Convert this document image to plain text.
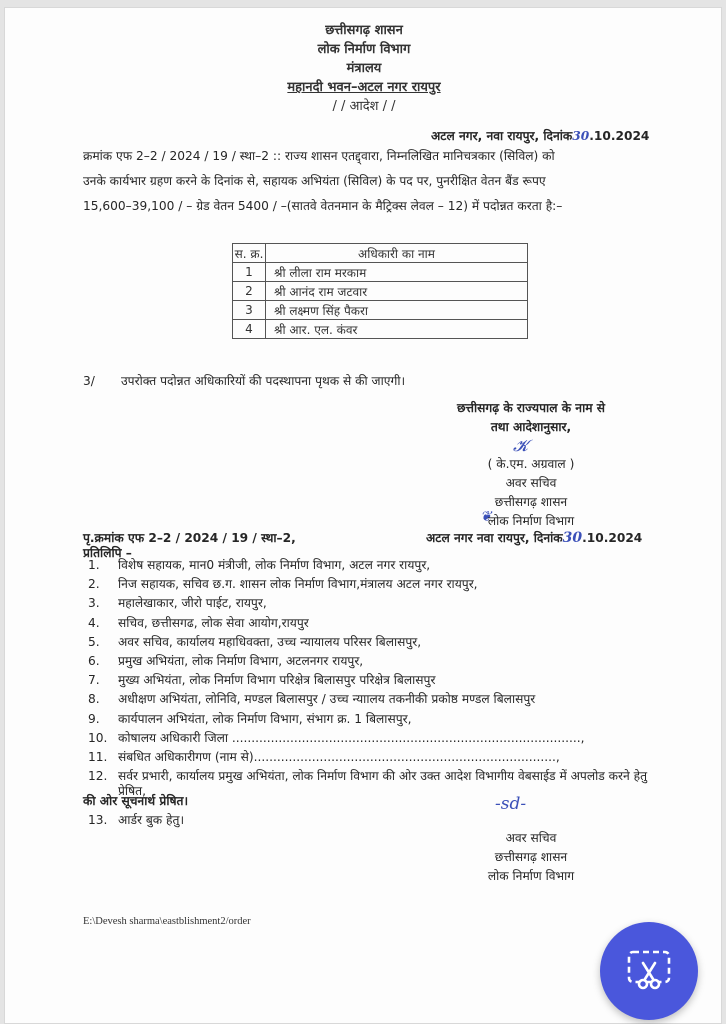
छत्तीसगढ़ शासन
लोक निर्माण विभाग
मंत्रालय
महानदी भवन–अटल नगर रायपुर
/ / आदेश / /
अटल नगर, नवा रायपुर, दिनांक30.10.2024
क्रमांक एफ 2–2 / 2024 / 19 / स्था–2 :: राज्य शासन एतद्द्वारा, निम्नलिखित मानिचत्रकार (सिविल) को
उनके कार्यभार ग्रहण करने के दिनांक से, सहायक अभियंता (सिविल) के पद पर, पुनरीक्षित वेतन बैंड रूपए
15,600–39,100 / – ग्रेड वेतन 5400 / –(सातवे वेतनमान के मैट्रिक्स लेवल – 12) में पदोन्नत करता है:–
स. क्र.	अधिकारी का नाम
1	श्री लीला राम मरकाम
2	श्री आनंद राम जटवार
3	श्री लक्ष्मण सिंह पैकरा
4	श्री आर. एल. कंवर
3/ उपरोक्त पदोन्नत अधिकारियों की पदस्थापना पृथक से की जाएगी।
छत्तीसगढ़ के राज्यपाल के नाम से
तथा आदेशानुसार,
𝓚
( के.एम. अग्रवाल )
अवर सचिव
छत्तीसगढ़ शासन
❦
लोक निर्माण विभाग
पृ.क्रमांक एफ 2–2 / 2024 / 19 / स्था–2,	अटल नगर नवा रायपुर, दिनांक30.10.2024
प्रतिलिपि –
1.	विशेष सहायक, मान0 मंत्रीजी, लोक निर्माण विभाग, अटल नगर रायपुर,
2.	निज सहायक, सचिव छ.ग. शासन लोक निर्माण विभाग,मंत्रालय अटल नगर रायपुर,
3.	महालेखाकार, जीरो पाईट, रायपुर,
4.	सचिव, छत्तीसगढ, लोक सेवा आयोग,रायपुर
5.	अवर सचिव, कार्यालय महाधिवक्ता, उच्च न्यायालय परिसर बिलासपुर,
6.	प्रमुख अभियंता, लोक निर्माण विभाग, अटलनगर रायपुर,
7.	मुख्य अभियंता, लोक निर्माण विभाग परिक्षेत्र बिलासपुर परिक्षेत्र बिलासपुर
8.	अधीक्षण अभियंता, लोनिवि, मण्डल बिलासपुर / उच्च न्याालय तकनीकी प्रकोष्ठ मण्डल बिलासपुर
9.	कार्यपालन अभियंता, लोक निर्माण विभाग, संभाग क्र. 1 बिलासपुर,
10. कोषालय अधिकारी जिला ..........................................................................................,
11. संबधित अधिकारीगण (नाम से)..............................................................................,
12. सर्वर प्रभारी, कार्यालय प्रमुख अभियंता, लोक निर्माण विभाग की ओर उक्त आदेश विभागीय वेबसाईड में अपलोड करने हेतु प्रेषित,
की ओर सूचनार्थ प्रेषित।
13. आर्डर बुक हेतु।
-sd-
अवर सचिव
छत्तीसगढ़ शासन
लोक निर्माण विभाग
E:\Devesh sharma\eastblishment2/order
